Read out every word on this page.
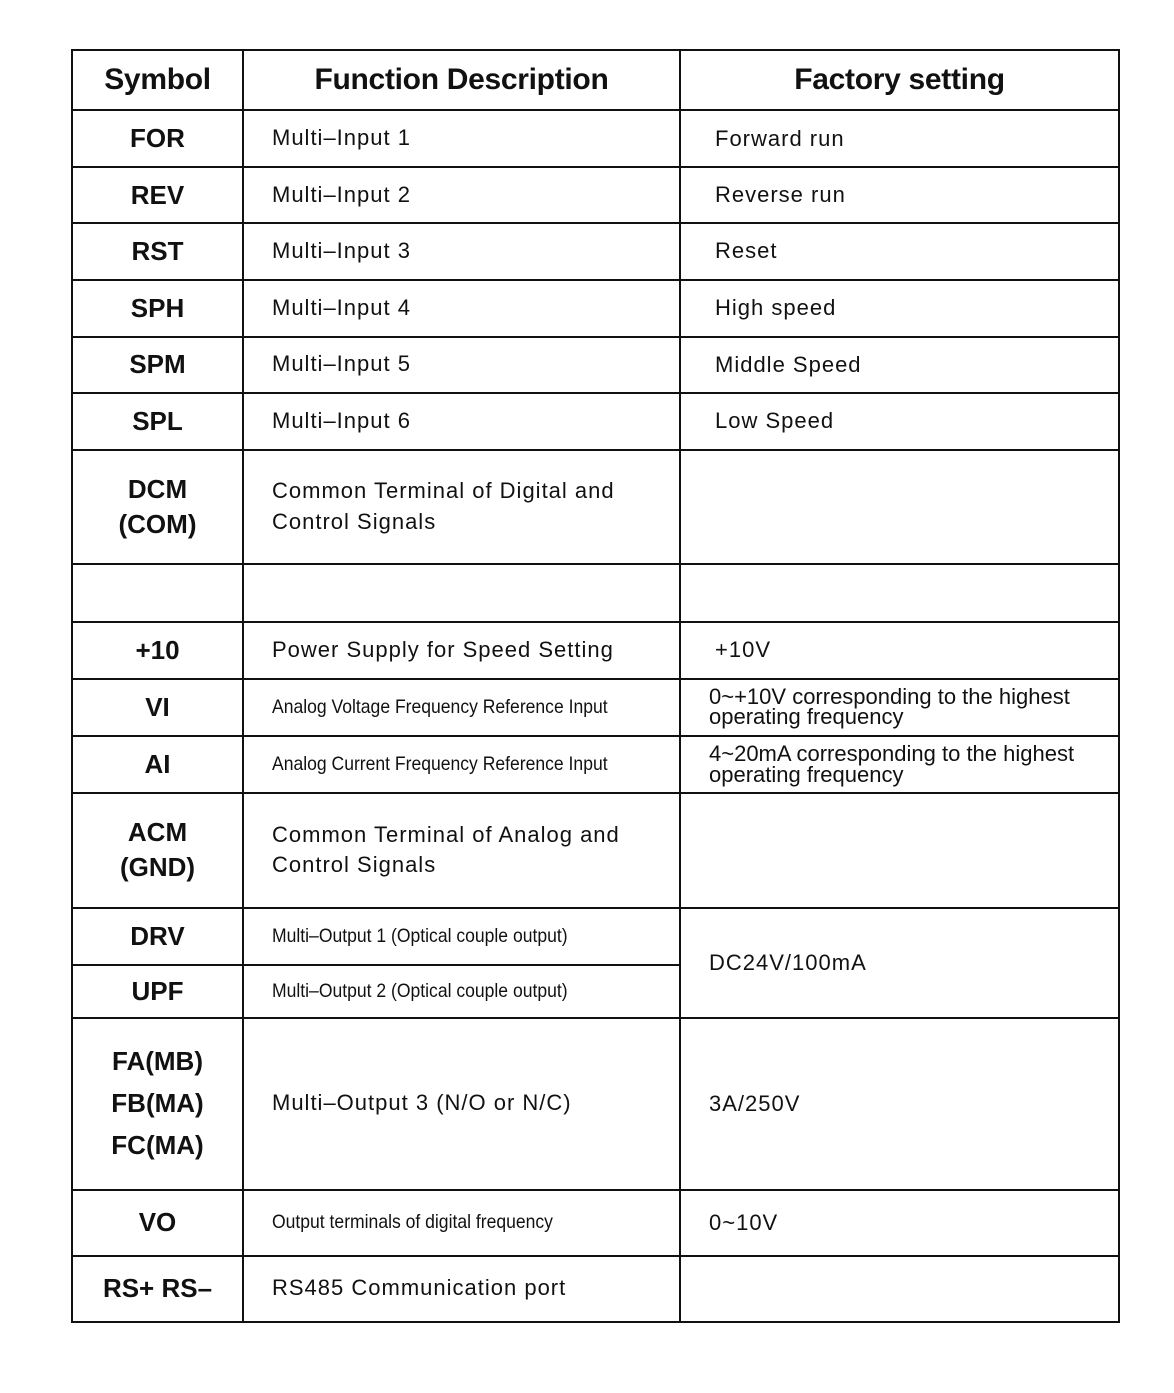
Symbol	Function Description	Factory setting

FOR	Multi–Input 1	Forward run

REV	Multi–Input 2	Reverse run

RST	Multi–Input 3	Reset

SPH	Multi–Input 4	High speed

SPM	Multi–Input 5	Middle Speed

SPL	Multi–Input 6	Low Speed

DCM
(COM)	Common Terminal of Digital and
Control Signals	

+10	Power Supply for Speed Setting	+10V

VI	Analog Voltage Frequency Reference Input	0~+10V corresponding to the highest
operating frequency

AI	Analog Current Frequency Reference Input	4~20mA corresponding to the highest
operating frequency

ACM
(GND)	Common Terminal of Analog and
Control Signals	

DRV	Multi–Output 1 (Optical couple output)	DC24V/100mA

UPF	Multi–Output 2 (Optical couple output)	

FA(MB)
FB(MA)
FC(MA)	Multi–Output 3 (N/O or N/C)	3A/250V

VO	Output terminals of digital frequency	0~10V

RS+ RS–	RS485 Communication port	
